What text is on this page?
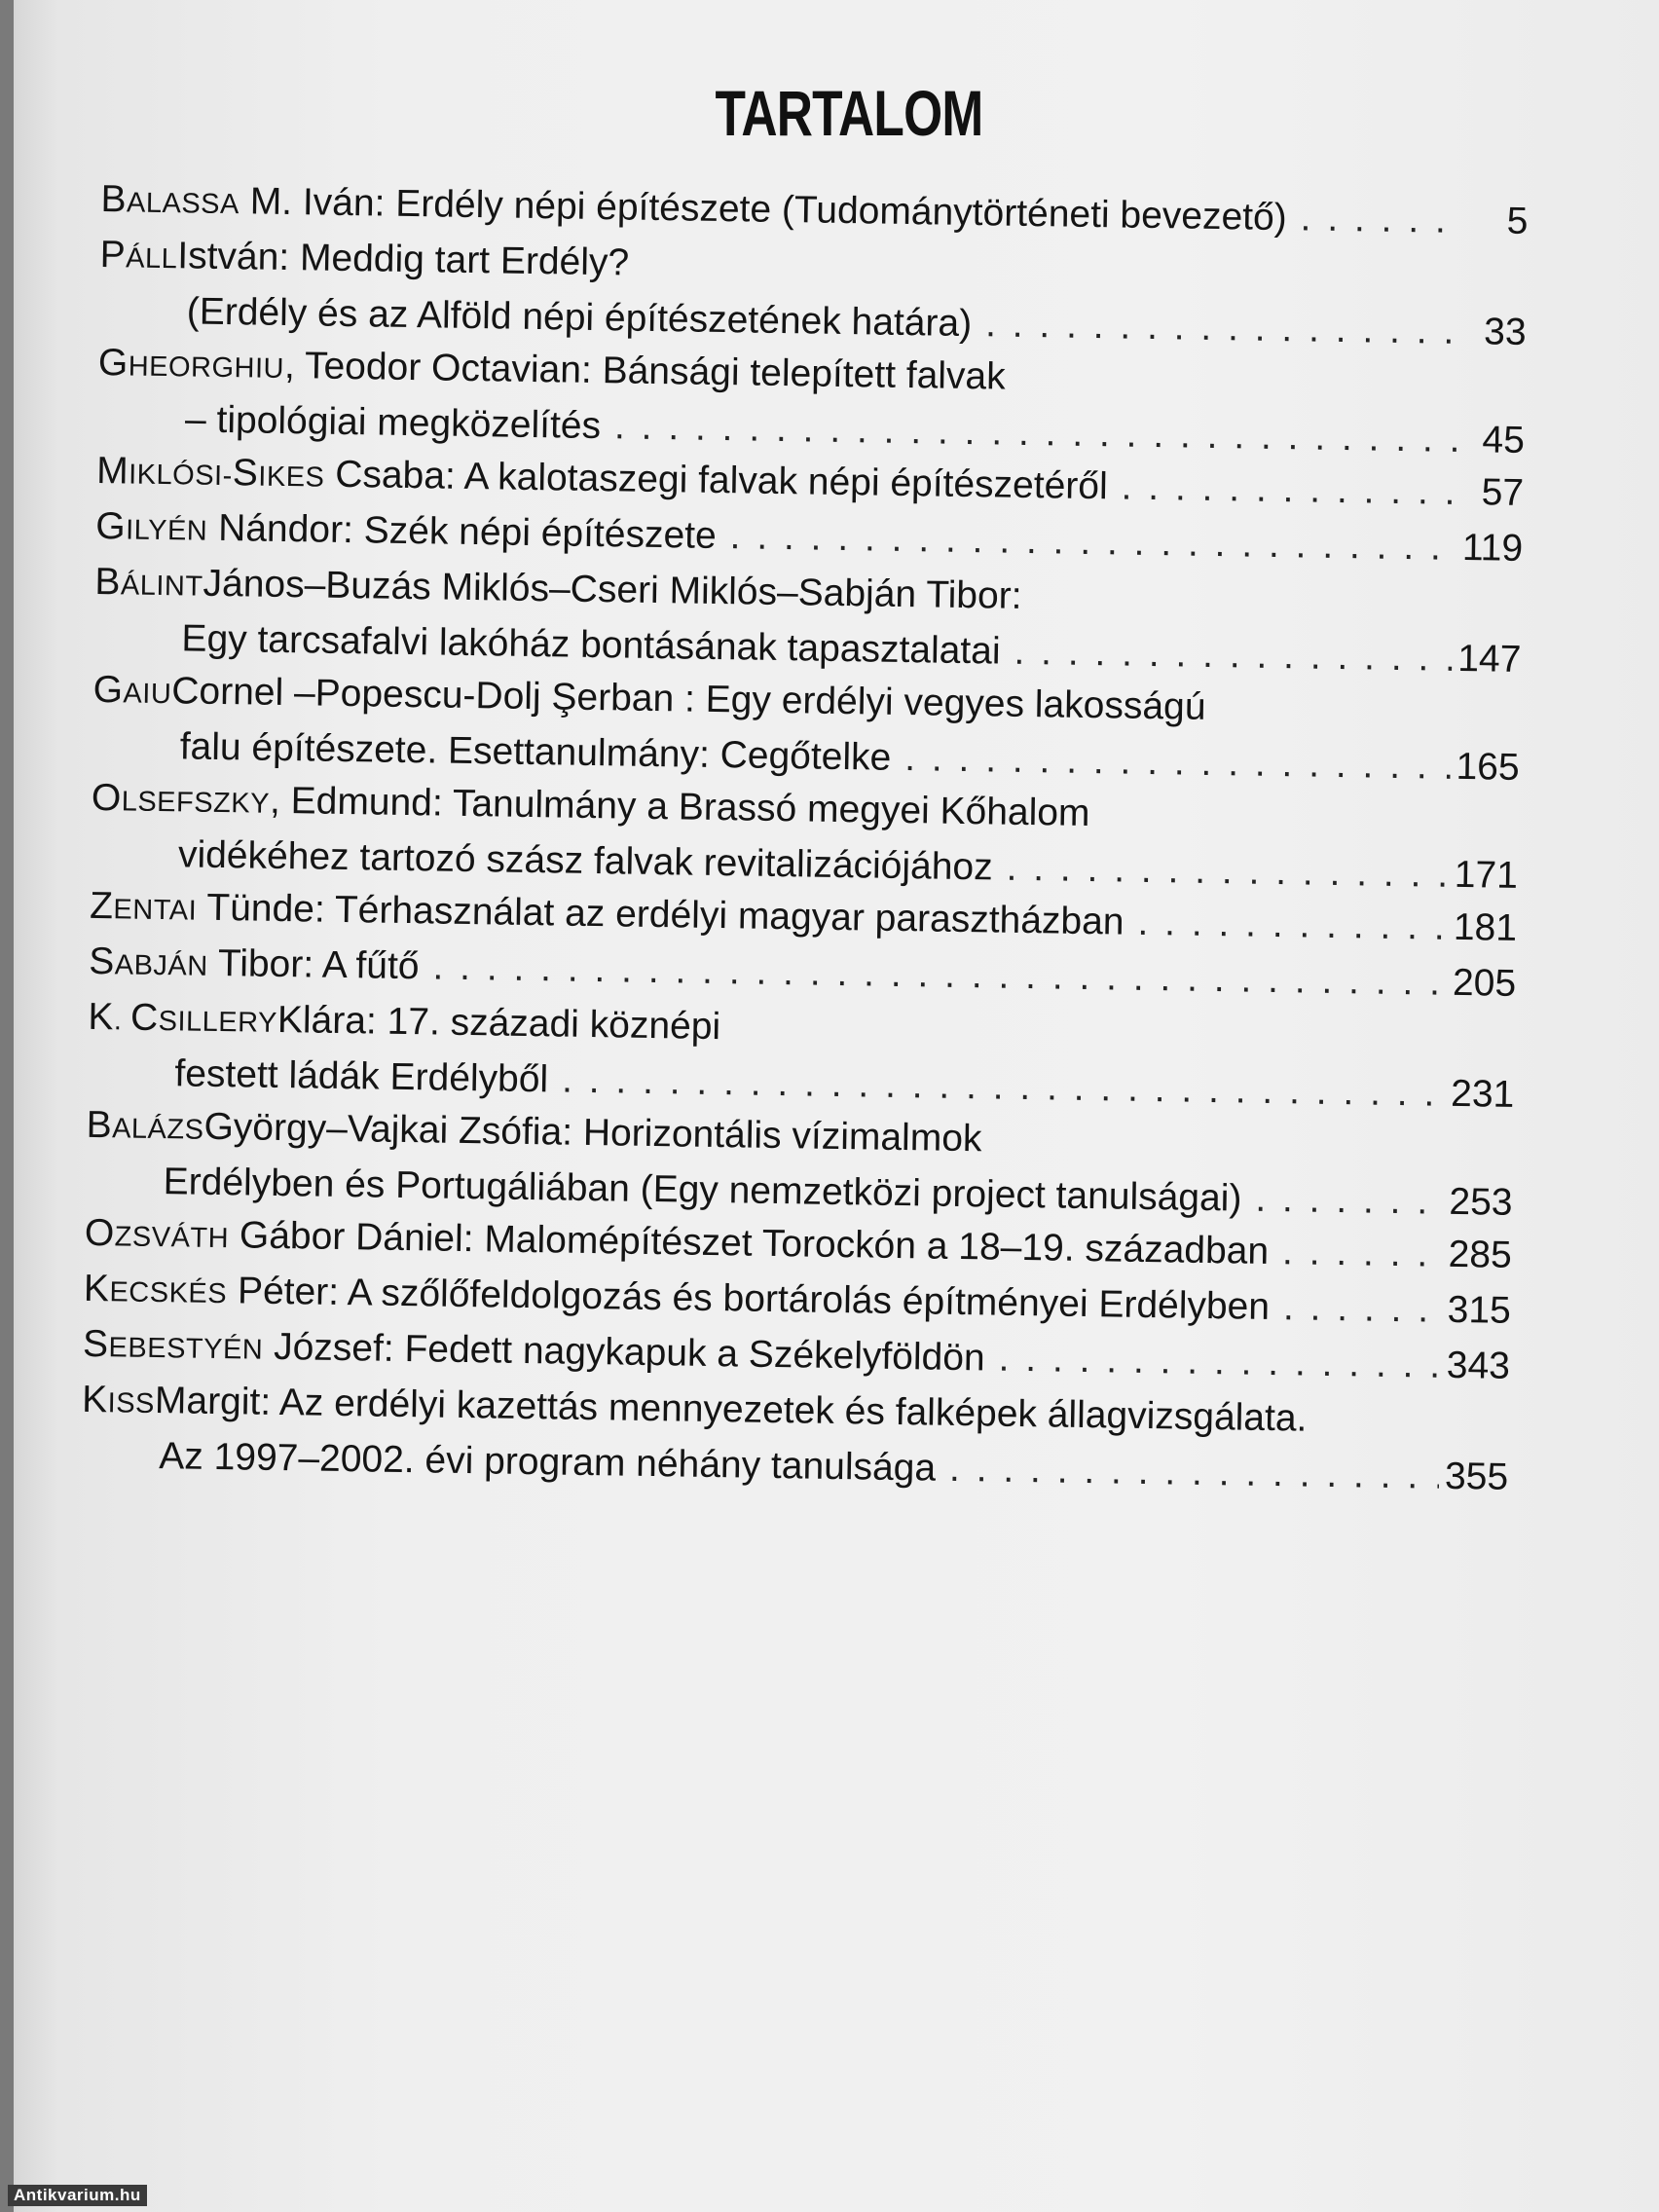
TARTALOM
BALASSA M. Iván: Erdély népi építészete (Tudománytörténeti bevezető) . . .	5
PÁLL István: Meddig tart Erdély?
(Erdély és az Alföld népi építészetének határa) . . .	33
GHEORGHIU , Teodor Octavian: Bánsági telepített falvak
– tipológiai megközelítés . . .	45
MIKLÓSI-SIKES Csaba: A kalotaszegi falvak népi építészetéről . . .	57
GILYÉN Nándor: Szék népi építészete . . .	119
BÁLINT János–Buzás Miklós–Cseri Miklós–Sabján Tibor:
Egy tarcsafalvi lakóház bontásának tapasztalatai . . .	147
GAIU Cornel –Popescu-Dolj Şerban : Egy erdélyi vegyes lakosságú
falu építészete. Esettanulmány: Cegőtelke . . .	165
OLSEFSZKY , Edmund: Tanulmány a Brassó megyei Kőhalom
vidékéhez tartozó szász falvak revitalizációjához . . .	171
ZENTAI Tünde: Térhasználat az erdélyi magyar parasztházban . . .	181
SABJÁN Tibor: A fűtő . . .	205
K. CSILLERY Klára: 17. századi köznépi
festett ládák Erdélyből . . .	231
BALÁZS György–Vajkai Zsófia: Horizontális vízimalmok
Erdélyben és Portugáliában (Egy nemzetközi project tanulságai) . . .	253
OZSVÁTH Gábor Dániel: Malomépítészet Torockón a 18–19. században . . .	285
KECSKÉS Péter: A szőlőfeldolgozás és bortárolás építményei Erdélyben . . .	315
SEBESTYÉN József: Fedett nagykapuk a Székelyföldön . . .	343
KISS Margit: Az erdélyi kazettás mennyezetek és falképek állagvizsgálata.
Az 1997–2002. évi program néhány tanulsága . . .	355
Antikvarium.hu
